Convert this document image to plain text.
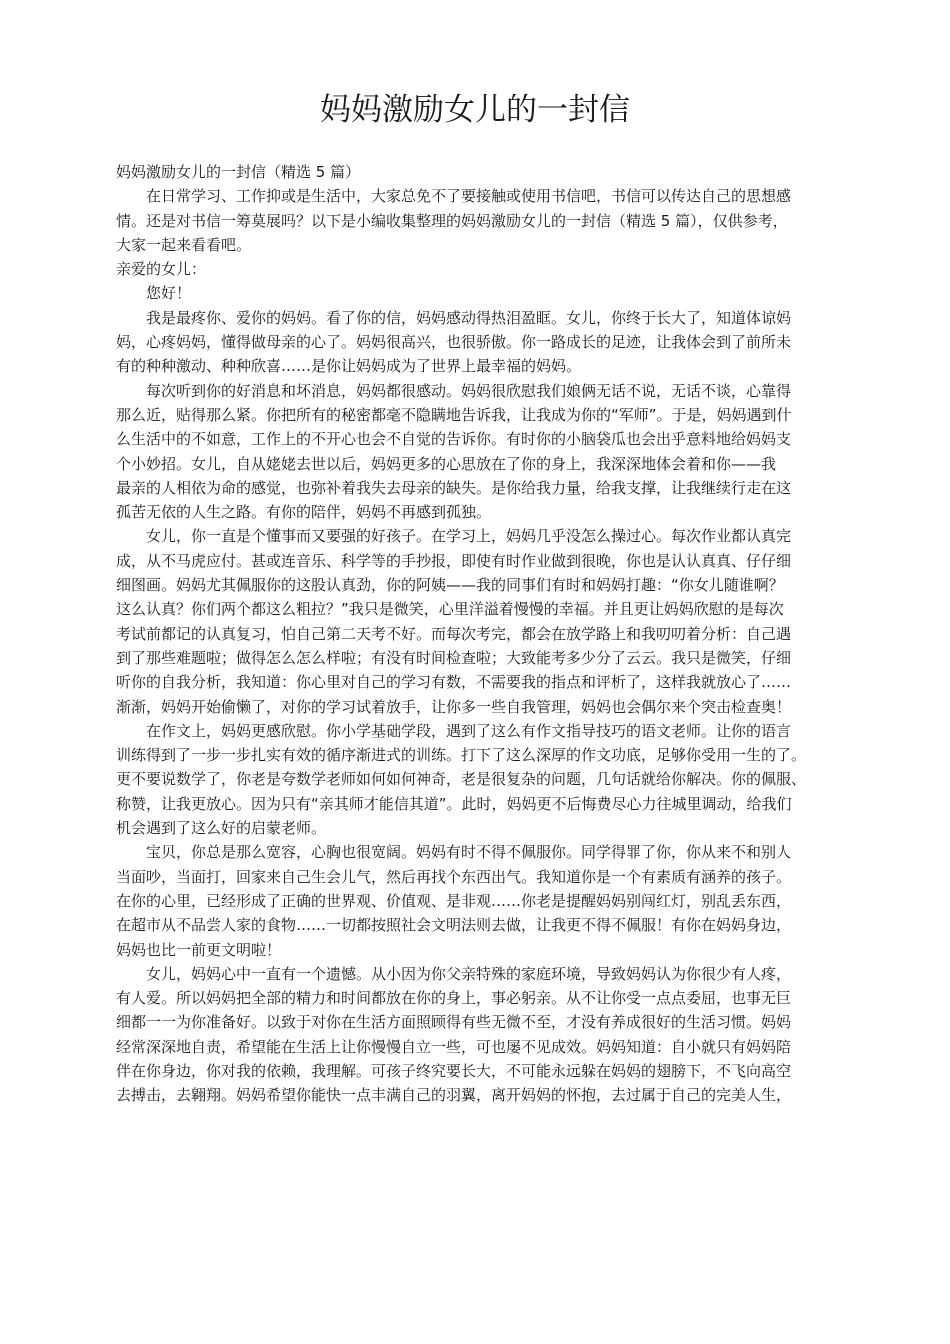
妈妈激励女儿的一封信

妈妈激励女儿的一封信（精选 5 篇）

在日常学习、工作抑或是生活中，大家总免不了要接触或使用书信吧，书信可以传达自己的思想感

情。还是对书信一筹莫展吗？以下是小编收集整理的妈妈激励女儿的一封信（精选 5 篇），仅供参考，

大家一起来看看吧。

亲爱的女儿：

您好！

我是最疼你、爱你的妈妈。看了你的信，妈妈感动得热泪盈眶。女儿，你终于长大了，知道体谅妈

妈，心疼妈妈，懂得做母亲的心了。妈妈很高兴，也很骄傲。你一路成长的足迹，让我体会到了前所未

有的种种激动、种种欣喜……是你让妈妈成为了世界上最幸福的妈妈。

每次听到你的好消息和坏消息，妈妈都很感动。妈妈很欣慰我们娘俩无话不说，无话不谈，心靠得

那么近，贴得那么紧。你把所有的秘密都毫不隐瞒地告诉我，让我成为你的“军师”。于是，妈妈遇到什

么生活中的不如意，工作上的不开心也会不自觉的告诉你。有时你的小脑袋瓜也会出乎意料地给妈妈支

个小妙招。女儿，自从姥姥去世以后，妈妈更多的心思放在了你的身上，我深深地体会着和你——我

最亲的人相依为命的感觉，也弥补着我失去母亲的缺失。是你给我力量，给我支撑，让我继续行走在这

孤苦无依的人生之路。有你的陪伴，妈妈不再感到孤独。

女儿，你一直是个懂事而又要强的好孩子。在学习上，妈妈几乎没怎么操过心。每次作业都认真完

成，从不马虎应付。甚或连音乐、科学等的手抄报，即使有时作业做到很晚，你也是认认真真、仔仔细

细图画。妈妈尤其佩服你的这股认真劲，你的阿姨——我的同事们有时和妈妈打趣：“你女儿随谁啊？

这么认真？你们两个都这么粗拉？”我只是微笑，心里洋溢着慢慢的幸福。并且更让妈妈欣慰的是每次

考试前都记的认真复习，怕自己第二天考不好。而每次考完，都会在放学路上和我叨叨着分析：自己遇

到了那些难题啦；做得怎么怎么样啦；有没有时间检查啦；大致能考多少分了云云。我只是微笑，仔细

听你的自我分析，我知道：你心里对自己的学习有数，不需要我的指点和评析了，这样我就放心了……

渐渐，妈妈开始偷懒了，对你的学习试着放手，让你多一些自我管理，妈妈也会偶尔来个突击检查奥！

在作文上，妈妈更感欣慰。你小学基础学段，遇到了这么有作文指导技巧的语文老师。让你的语言

训练得到了一步一步扎实有效的循序渐进式的训练。打下了这么深厚的作文功底，足够你受用一生的了。

更不要说数学了，你老是夸数学老师如何如何神奇，老是很复杂的问题，几句话就给你解决。你的佩服、

称赞，让我更放心。因为只有“亲其师才能信其道”。此时，妈妈更不后悔费尽心力往城里调动，给我们

机会遇到了这么好的启蒙老师。

宝贝，你总是那么宽容，心胸也很宽阔。妈妈有时不得不佩服你。同学得罪了你，你从来不和别人

当面吵，当面打，回家来自己生会儿气，然后再找个东西出气。我知道你是一个有素质有涵养的孩子。

在你的心里，已经形成了正确的世界观、价值观、是非观……你老是提醒妈妈别闯红灯，别乱丢东西，

在超市从不品尝人家的食物……一切都按照社会文明法则去做，让我更不得不佩服！有你在妈妈身边，

妈妈也比一前更文明啦！

女儿，妈妈心中一直有一个遗憾。从小因为你父亲特殊的家庭环境，导致妈妈认为你很少有人疼，

有人爱。所以妈妈把全部的精力和时间都放在你的身上，事必躬亲。从不让你受一点点委屈，也事无巨

细都一一为你准备好。以致于对你在生活方面照顾得有些无微不至，才没有养成很好的生活习惯。妈妈

经常深深地自责，希望能在生活上让你慢慢自立一些，可也屡不见成效。妈妈知道：自小就只有妈妈陪

伴在你身边，你对我的依赖，我理解。可孩子终究要长大，不可能永远躲在妈妈的翅膀下，不飞向高空

去搏击，去翱翔。妈妈希望你能快一点丰满自己的羽翼，离开妈妈的怀抱，去过属于自己的完美人生，
